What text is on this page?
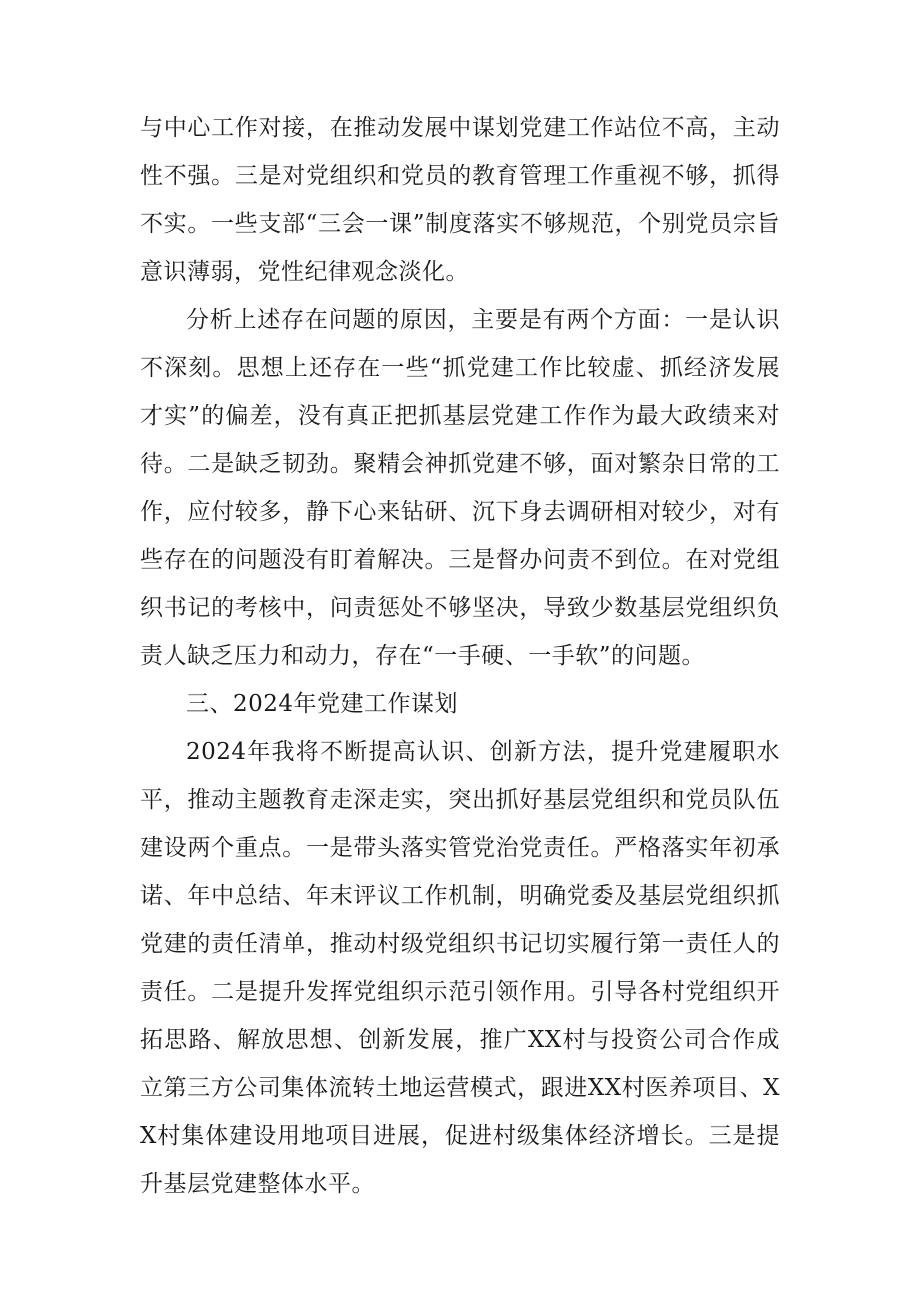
与中心工作对接，在推动发展中谋划党建工作站位不高，主动性不强。三是对党组织和党员的教育管理工作重视不够，抓得不实。一些支部“三会一课”制度落实不够规范，个别党员宗旨意识薄弱，党性纪律观念淡化。

分析上述存在问题的原因，主要是有两个方面：一是认识不深刻。思想上还存在一些“抓党建工作比较虚、抓经济发展才实”的偏差，没有真正把抓基层党建工作作为最大政绩来对待。二是缺乏韧劲。聚精会神抓党建不够，面对繁杂日常的工作，应付较多，静下心来钻研、沉下身去调研相对较少，对有些存在的问题没有盯着解决。三是督办问责不到位。在对党组织书记的考核中，问责惩处不够坚决，导致少数基层党组织负责人缺乏压力和动力，存在“一手硬、一手软”的问题。

三、2024年党建工作谋划

2024年我将不断提高认识、创新方法，提升党建履职水平，推动主题教育走深走实，突出抓好基层党组织和党员队伍建设两个重点。一是带头落实管党治党责任。严格落实年初承诺、年中总结、年末评议工作机制，明确党委及基层党组织抓党建的责任清单，推动村级党组织书记切实履行第一责任人的责任。二是提升发挥党组织示范引领作用。引导各村党组织开拓思路、解放思想、创新发展，推广XX村与投资公司合作成立第三方公司集体流转土地运营模式，跟进XX村医养项目、XX村集体建设用地项目进展，促进村级集体经济增长。三是提升基层党建整体水平。
